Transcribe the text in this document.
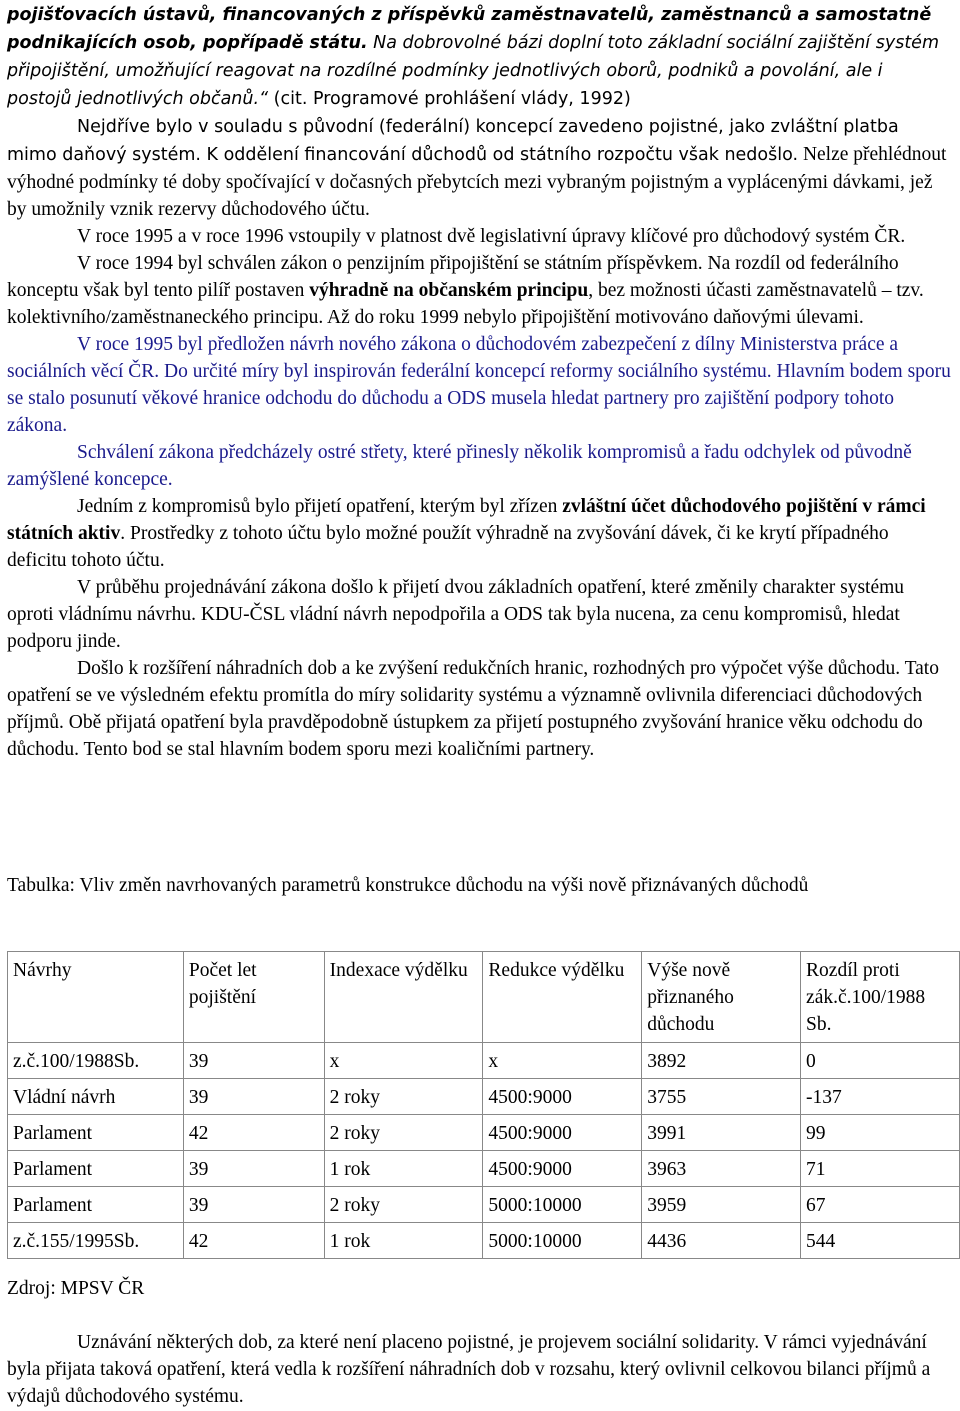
pojišťovacích ústavů, financovaných z příspěvků zaměstnavatelů, zaměstnanců a samostatně podnikajících osob, popřípadě státu. Na dobrovolné bázi doplní toto základní sociální zajištění systém připojištění, umožňující reagovat na rozdílné podmínky jednotlivých oborů, podniků a povolání, ale i postojů jednotlivých občanů.“ (cit. Programové prohlášení vlády, 1992)

Nejdříve bylo v souladu s původní (federální) koncepcí zavedeno pojistné, jako zvláštní platba mimo daňový systém. K oddělení financování důchodů od státního rozpočtu však nedošlo. Nelze přehlédnout výhodné podmínky té doby spočívající v dočasných přebytcích mezi vybraným pojistným a vyplácenými dávkami, jež by umožnily vznik rezervy důchodového účtu.

V roce 1995 a v roce 1996 vstoupily v platnost dvě legislativní úpravy klíčové pro důchodový systém ČR.

V roce 1994 byl schválen zákon o penzijním připojištění se státním příspěvkem. Na rozdíl od federálního konceptu však byl tento pilíř postaven výhradně na občanském principu, bez možnosti účasti zaměstnavatelů – tzv. kolektivního/zaměstnaneckého principu. Až do roku 1999 nebylo připojištění motivováno daňovými úlevami.

V roce 1995 byl předložen návrh nového zákona o důchodovém zabezpečení z dílny Ministerstva práce a sociálních věcí ČR. Do určité míry byl inspirován federální koncepcí reformy sociálního systému. Hlavním bodem sporu se stalo posunutí věkové hranice odchodu do důchodu a ODS musela hledat partnery pro zajištění podpory tohoto zákona.

Schválení zákona předcházely ostré střety, které přinesly několik kompromisů a řadu odchylek od původně zamýšlené koncepce.

Jedním z kompromisů bylo přijetí opatření, kterým byl zřízen zvláštní účet důchodového pojištění v rámci státních aktiv. Prostředky z tohoto účtu bylo možné použít výhradně na zvyšování dávek, či ke krytí případného deficitu tohoto účtu.

V průběhu projednávání zákona došlo k přijetí dvou základních opatření, které změnily charakter systému oproti vládnímu návrhu. KDU-ČSL vládní návrh nepodpořila a ODS tak byla nucena, za cenu kompromisů, hledat podporu jinde.

Došlo k rozšíření náhradních dob a ke zvýšení redukčních hranic, rozhodných pro výpočet výše důchodu. Tato opatření se ve výsledném efektu promítla do míry solidarity systému a významně ovlivnila diferenciaci důchodových příjmů. Obě přijatá opatření byla pravděpodobně ústupkem za přijetí postupného zvyšování hranice věku odchodu do důchodu. Tento bod se stal hlavním bodem sporu mezi koaličními partnery.

Tabulka: Vliv změn navrhovaných parametrů konstrukce důchodu na výši nově přiznávaných důchodů

Návrhy	Počet let pojištění	Indexace výdělku	Redukce výdělku	Výše nově přiznaného důchodu	Rozdíl proti zák.č.100/1988 Sb.
z.č.100/1988Sb.	39	x	x	3892	0
Vládní návrh	39	2 roky	4500:9000	3755	-137
Parlament	42	2 roky	4500:9000	3991	99
Parlament	39	1 rok	4500:9000	3963	71
Parlament	39	2 roky	5000:10000	3959	67
z.č.155/1995Sb.	42	1 rok	5000:10000	4436	544

Zdroj: MPSV ČR

Uznávání některých dob, za které není placeno pojistné, je projevem sociální solidarity. V rámci vyjednávání byla přijata taková opatření, která vedla k rozšíření náhradních dob v rozsahu, který ovlivnil celkovou bilanci příjmů a výdajů důchodového systému.
